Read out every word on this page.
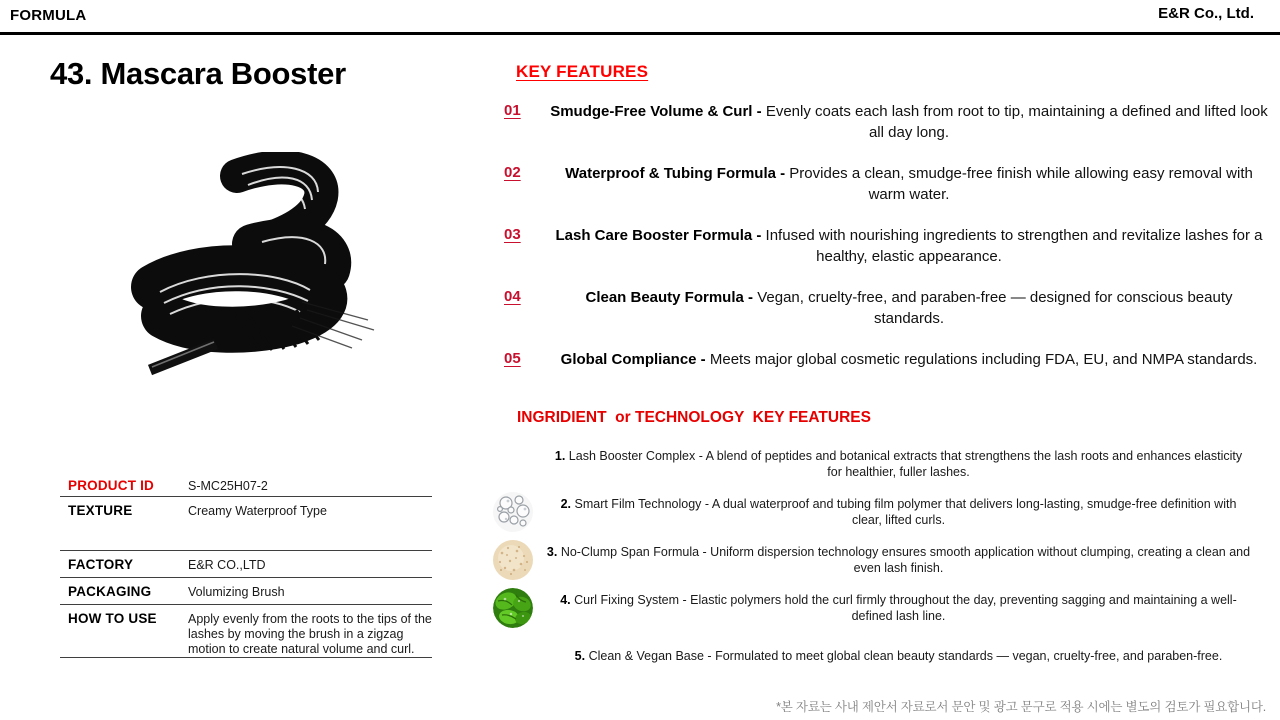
FORMULA	E&R Co., Ltd.
43. Mascara Booster	KEY FEATURES
01	Smudge-Free Volume & Curl - Evenly coats each lash from root to tip, maintaining a defined and lifted look all day long.

02	Waterproof & Tubing Formula - Provides a clean, smudge-free finish while allowing easy removal with warm water.

03	Lash Care Booster Formula - Infused with nourishing ingredients to strengthen and revitalize lashes for a healthy, elastic appearance.

04	Clean Beauty Formula - Vegan, cruelty-free, and paraben-free — designed for conscious beauty standards.

05	Global Compliance - Meets major global cosmetic regulations including FDA, EU, and NMPA standards.

INGRIDIENT  or TECHNOLOGY  KEY FEATURES

1. Lash Booster Complex - A blend of peptides and botanical extracts that strengthens the lash roots and enhances elasticity for healthier, fuller lashes.

2. Smart Film Technology - A dual waterproof and tubing film polymer that delivers long-lasting, smudge-free definition with clear, lifted curls.

3. No-Clump Span Formula - Uniform dispersion technology ensures smooth application without clumping, creating a clean and even lash finish.

4. Curl Fixing System - Elastic polymers hold the curl firmly throughout the day, preventing sagging and maintaining a well-defined lash line.

5. Clean & Vegan Base - Formulated to meet global clean beauty standards — vegan, cruelty-free, and paraben-free.

PRODUCT ID	S-MC25H07-2
TEXTURE	Creamy Waterproof Type
FACTORY	E&R CO.,LTD
PACKAGING	Volumizing Brush
HOW TO USE	Apply evenly from the roots to the tips of the lashes by moving the brush in a zigzag motion to create natural volume and curl.
*본 자료는 사내 제안서 자료로서 문안 및 광고 문구로 적용 시에는 별도의 검토가 필요합니다.
